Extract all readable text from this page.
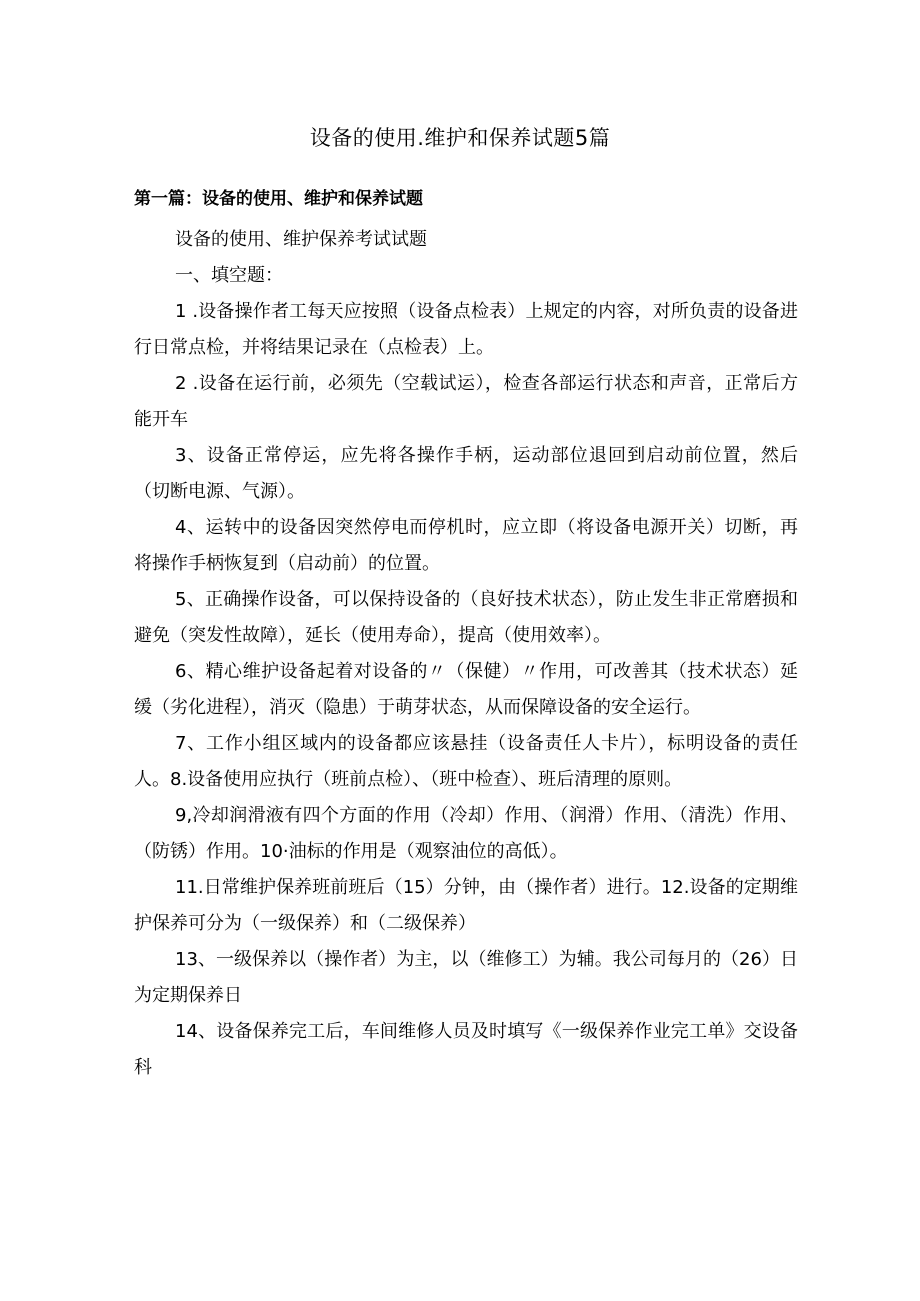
设备的使用.维护和保养试题5篇
第一篇：设备的使用、维护和保养试题

设备的使用、维护保养考试试题

一、填空题：

1 .设备操作者工每天应按照（设备点检表）上规定的内容，对所负责的设备进行日常点检，并将结果记录在（点检表）上。

2 .设备在运行前，必须先（空载试运），检查各部运行状态和声音，正常后方能开车

3、设备正常停运，应先将各操作手柄，运动部位退回到启动前位置，然后（切断电源、气源）。

4、运转中的设备因突然停电而停机时，应立即（将设备电源开关）切断，再将操作手柄恢复到（启动前）的位置。

5、正确操作设备，可以保持设备的（良好技术状态），防止发生非正常磨损和避免（突发性故障），延长（使用寿命），提高（使用效率）。

6、精心维护设备起着对设备的〃（保健）〃作用，可改善其（技术状态）延缓（劣化进程），消灭（隐患）于萌芽状态，从而保障设备的安全运行。

7、工作小组区域内的设备都应该悬挂（设备责任人卡片），标明设备的责任人。8.设备使用应执行（班前点检）、（班中检查）、班后清理的原则。

9,冷却润滑液有四个方面的作用（冷却）作用、（润滑）作用、（清洗）作用、（防锈）作用。10·油标的作用是（观察油位的高低）。

11.日常维护保养班前班后（15）分钟，由（操作者）进行。12.设备的定期维护保养可分为（一级保养）和（二级保养）

13、一级保养以（操作者）为主，以（维修工）为辅。我公司每月的（26）日为定期保养日

14、设备保养完工后，车间维修人员及时填写《一级保养作业完工单》交设备科
